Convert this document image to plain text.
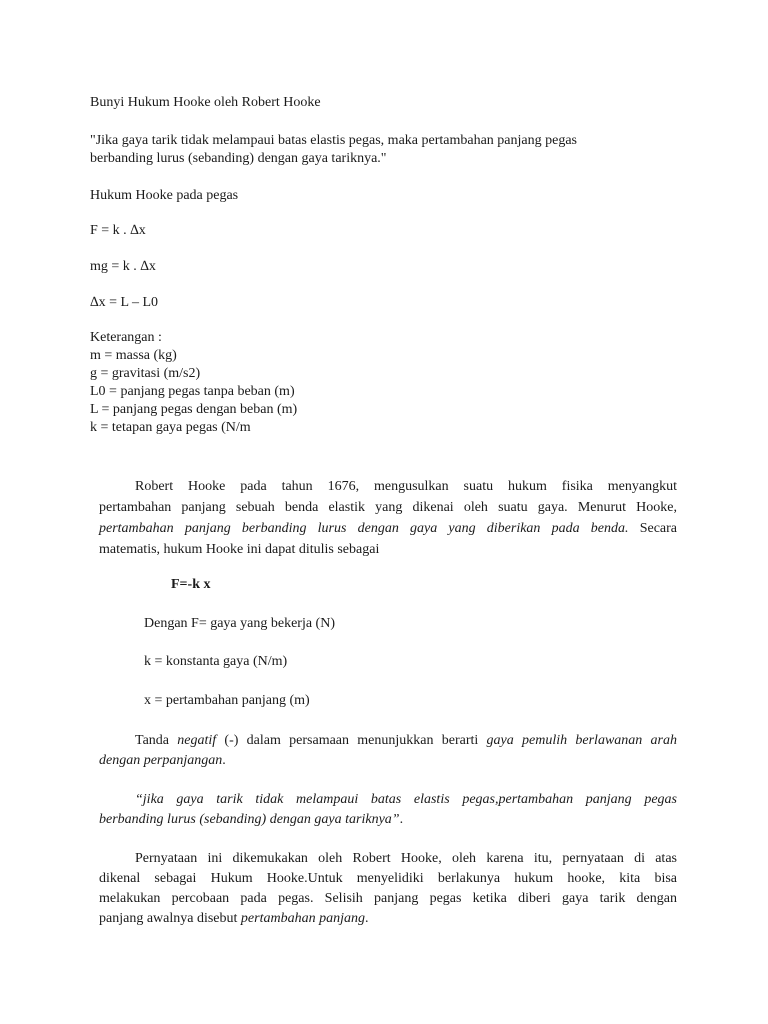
Bunyi Hukum Hooke oleh Robert Hooke
"Jika gaya tarik tidak melampaui batas elastis pegas, maka pertambahan panjang pegas
berbanding lurus (sebanding) dengan gaya tariknya."
Hukum Hooke pada pegas
F = k . ∆x
mg = k . ∆x
∆x = L – L0
Keterangan :
m = massa (kg)
g = gravitasi (m/s2)
L0 = panjang pegas tanpa beban (m)
L = panjang pegas dengan beban (m)
k = tetapan gaya pegas (N/m
Robert Hooke pada tahun 1676, mengusulkan suatu hukum fisika menyangkut
pertambahan panjang sebuah benda elastik yang dikenai oleh suatu gaya. Menurut Hooke,
pertambahan panjang berbanding lurus dengan gaya yang diberikan pada benda. Secara
matematis, hukum Hooke ini dapat ditulis sebagai
F=-k x
Dengan F= gaya yang bekerja (N)
k = konstanta gaya (N/m)
x = pertambahan panjang (m)
Tanda negatif (-) dalam persamaan menunjukkan berarti gaya pemulih berlawanan arah
dengan perpanjangan.
“jika gaya tarik tidak melampaui batas elastis pegas,pertambahan panjang pegas
berbanding lurus (sebanding) dengan gaya tariknya”.
Pernyataan ini dikemukakan oleh Robert Hooke, oleh karena itu, pernyataan di atas
dikenal sebagai Hukum Hooke.Untuk menyelidiki berlakunya hukum hooke, kita bisa
melakukan percobaan pada pegas. Selisih panjang pegas ketika diberi gaya tarik dengan
panjang awalnya disebut pertambahan panjang.
